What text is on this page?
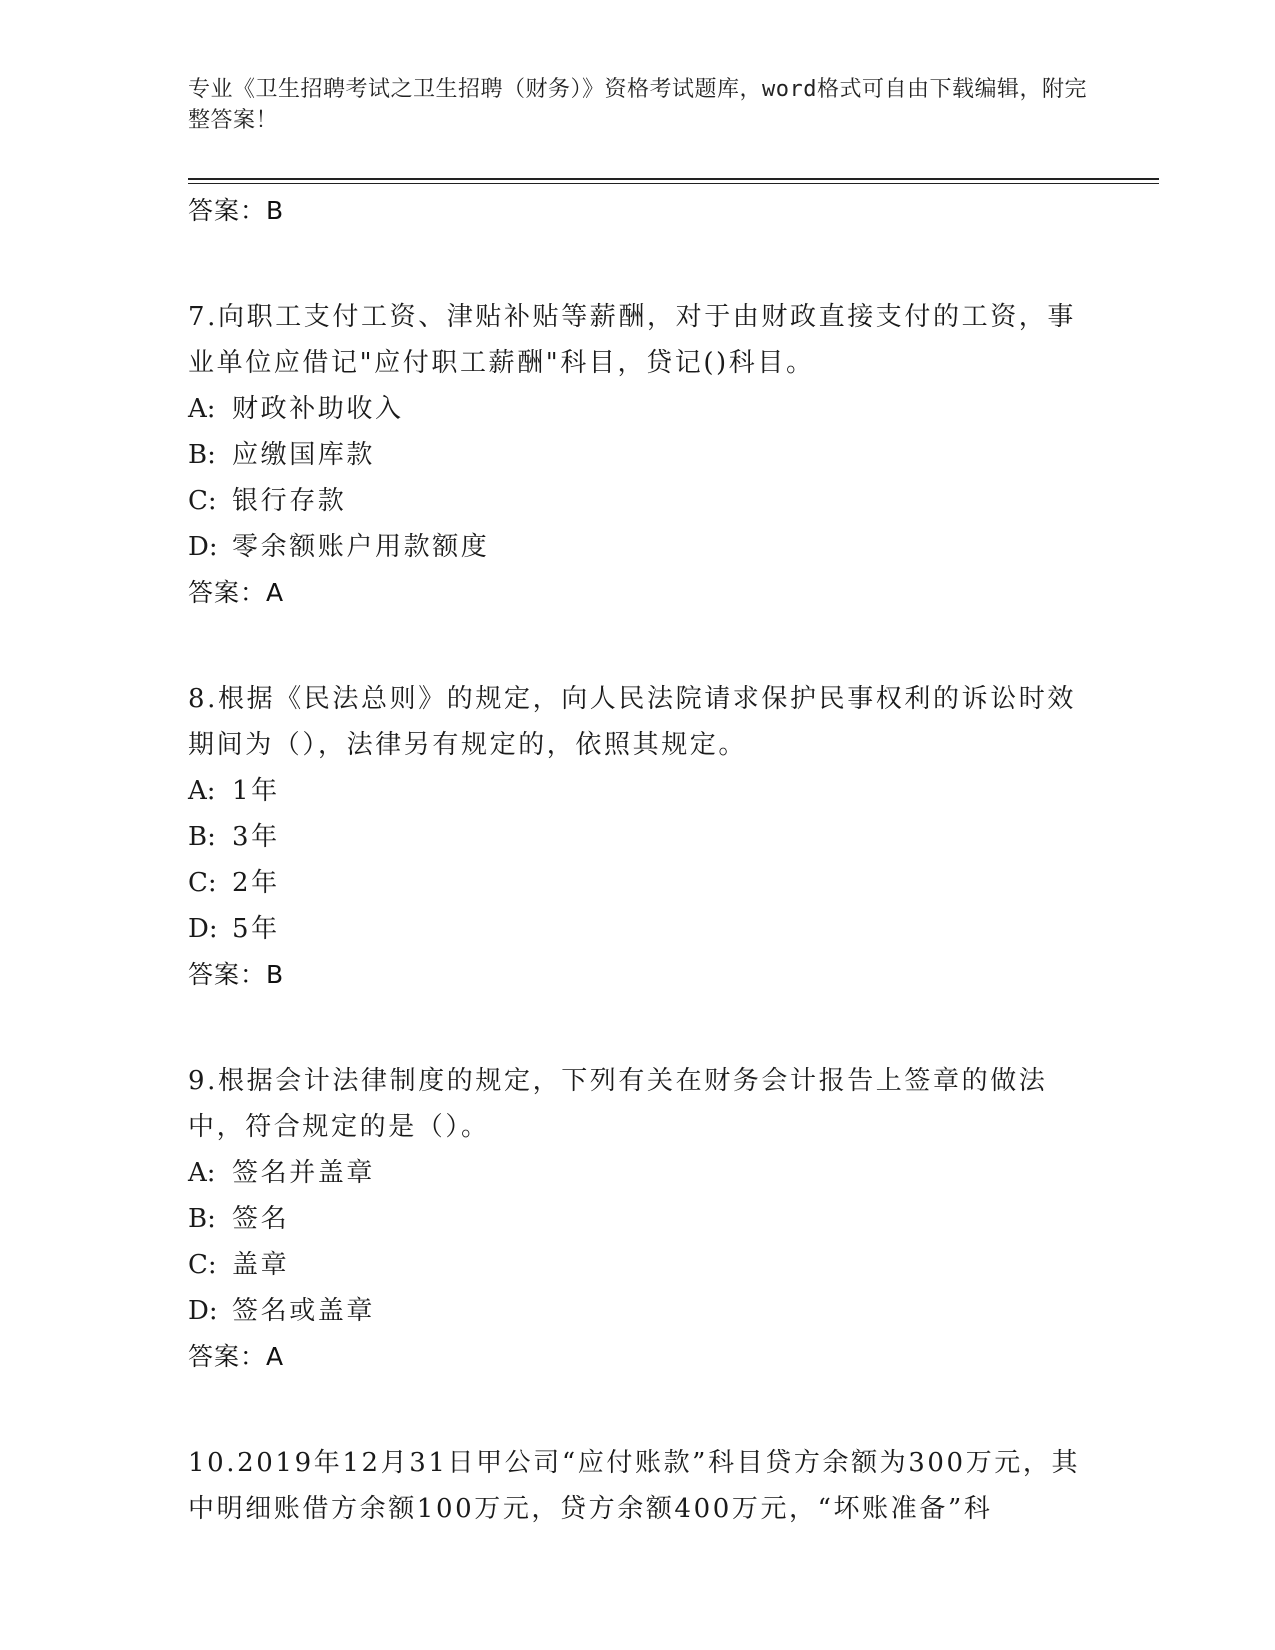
专业《卫生招聘考试之卫生招聘（财务）》资格考试题库，word格式可自由下载编辑，附完整答案！
答案：B
7.向职工支付工资、津贴补贴等薪酬，对于由财政直接支付的工资，事业单位应借记"应付职工薪酬"科目，贷记()科目。
A: 财政补助收入
B: 应缴国库款
C: 银行存款
D: 零余额账户用款额度
答案：A
8.根据《民法总则》的规定，向人民法院请求保护民事权利的诉讼时效期间为（），法律另有规定的，依照其规定。
A: 1年
B: 3年
C: 2年
D: 5年
答案：B
9.根据会计法律制度的规定，下列有关在财务会计报告上签章的做法中，符合规定的是（）。
A: 签名并盖章
B: 签名
C: 盖章
D: 签名或盖章
答案：A
10.2019年12月31日甲公司“应付账款”科目贷方余额为300万元，其中明细账借方余额100万元，贷方余额400万元，“坏账准备”科
